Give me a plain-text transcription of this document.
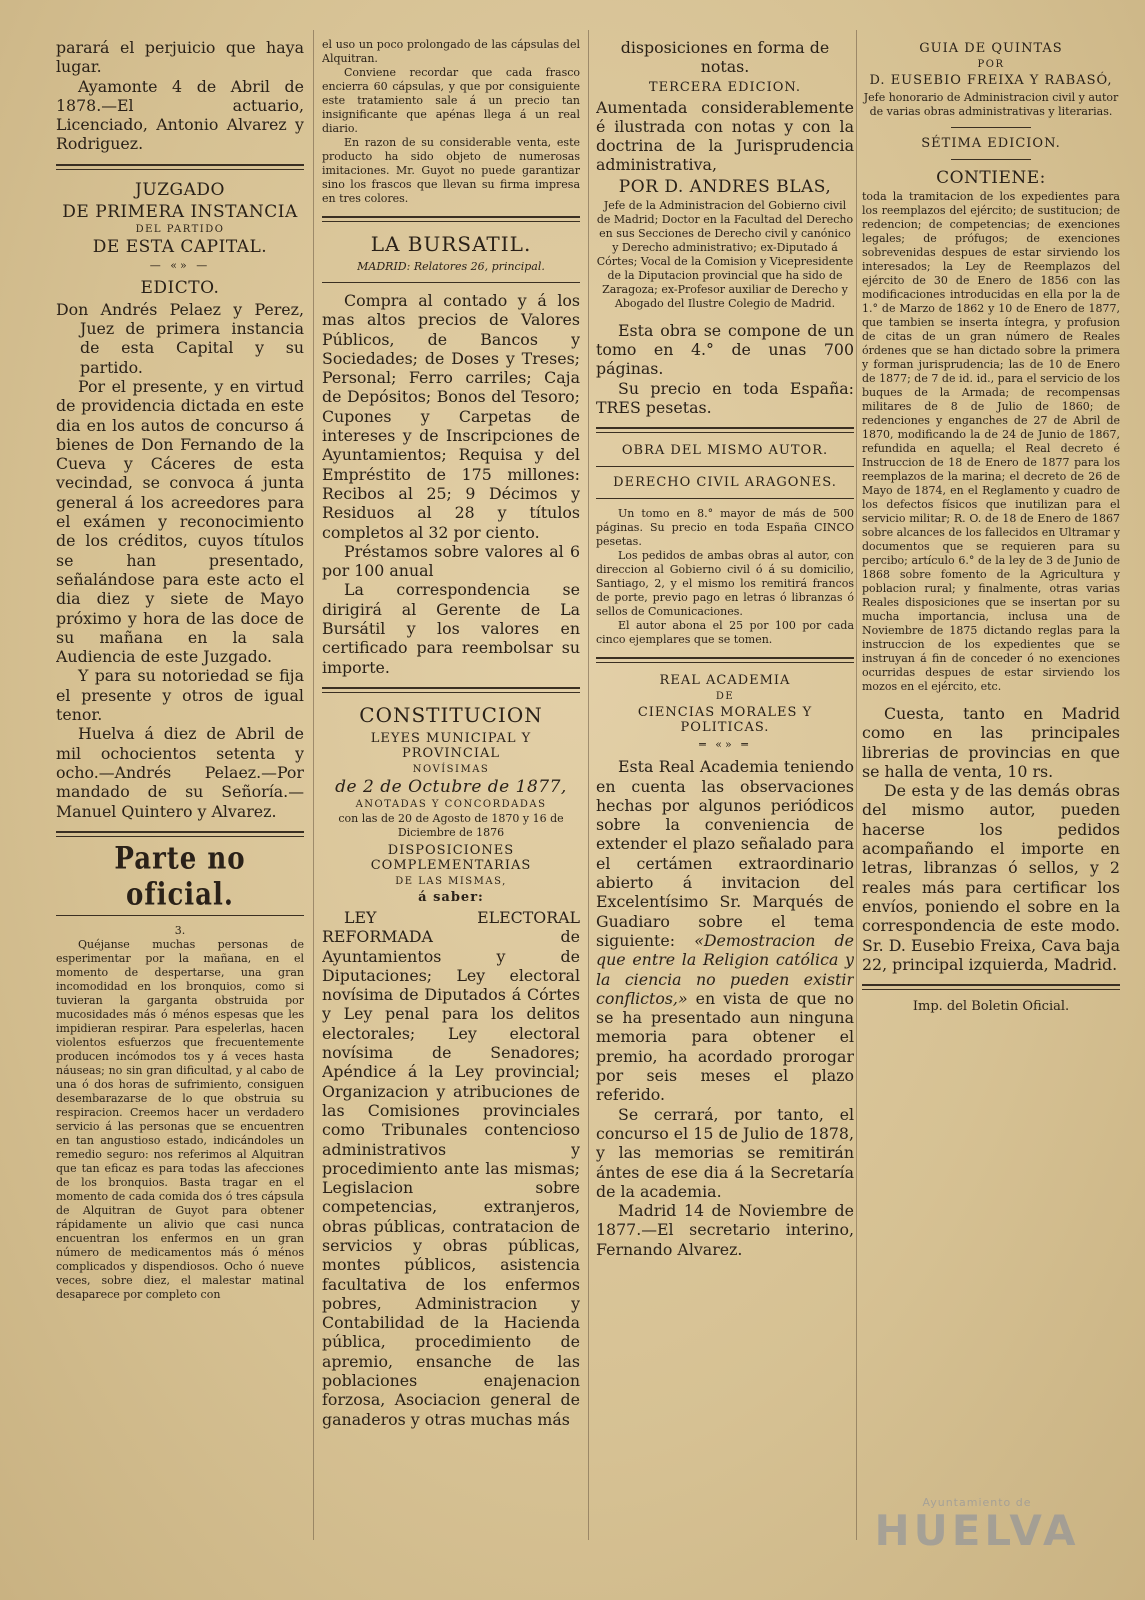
parará el perjuicio que haya lugar.

Ayamonte 4 de Abril de 1878.—El actuario, Licenciado, Antonio Alvarez y Rodriguez.

JUZGADO
DE PRIMERA INSTANCIA
DEL PARTIDO
DE ESTA CAPITAL.
— «» —
EDICTO.

Don Andrés Pelaez y Perez, Juez de primera instancia de esta Capital y su partido.

Por el presente, y en virtud de providencia dictada en este dia en los autos de concurso á bienes de Don Fernando de la Cueva y Cáceres de esta vecindad, se convoca á junta general á los acreedores para el exámen y reconocimiento de los créditos, cuyos títulos se han presentado, señalándose para este acto el dia diez y siete de Mayo próximo y hora de las doce de su mañana en la sala Audiencia de este Juzgado.

Y para su notoriedad se fija el presente y otros de igual tenor.

Huelva á diez de Abril de mil ochocientos setenta y ocho.—Andrés Pelaez.—Por mandado de su Señoría.—Manuel Quintero y Alvarez.

Parte no oficial.
3.

Quéjanse muchas personas de esperimentar por la mañana, en el momento de despertarse, una gran incomodidad en los bronquios, como si tuvieran la garganta obstruida por mucosidades más ó ménos espesas que les impidieran respirar. Para espelerlas, hacen violentos esfuerzos que frecuentemente producen incómodos tos y á veces hasta náuseas; no sin gran dificultad, y al cabo de una ó dos horas de sufrimiento, consiguen desembarazarse de lo que obstruia su respiracion. Creemos hacer un verdadero servicio á las personas que se encuentren en tan angustioso estado, indicándoles un remedio seguro: nos referimos al Alquitran que tan eficaz es para todas las afecciones de los bronquios. Basta tragar en el momento de cada comida dos ó tres cápsula de Alquitran de Guyot para obtener rápidamente un alivio que casi nunca encuentran los enfermos en un gran número de medicamentos más ó ménos complicados y dispendiosos. Ocho ó nueve veces, sobre diez, el malestar matinal desaparece por completo con

el uso un poco prolongado de las cápsulas del Alquitran.

Conviene recordar que cada frasco encierra 60 cápsulas, y que por consiguiente este tratamiento sale á un precio tan insignificante que apénas llega á un real diario.

En razon de su considerable venta, este producto ha sido objeto de numerosas imitaciones. Mr. Guyot no puede garantizar sino los frascos que llevan su firma impresa en tres colores.

LA BURSATIL.
MADRID: Relatores 26, principal.

Compra al contado y á los mas altos precios de Valores Públicos, de Bancos y Sociedades; de Doses y Treses; Personal; Ferro carriles; Caja de Depósitos; Bonos del Tesoro; Cupones y Carpetas de intereses y de Inscripciones de Ayuntamientos; Requisa y del Empréstito de 175 millones: Recibos al 25; 9 Décimos y Residuos al 28 y títulos completos al 32 por ciento.

Préstamos sobre valores al 6 por 100 anual

La correspondencia se dirigirá al Gerente de La Bursátil y los valores en certificado para reembolsar su importe.

CONSTITUCION
LEYES MUNICIPAL Y PROVINCIAL
NOVÍSIMAS
de 2 de Octubre de 1877,
ANOTADAS Y CONCORDADAS
con las de 20 de Agosto de 1870 y 16 de Diciembre de 1876
DISPOSICIONES COMPLEMENTARIAS
DE LAS MISMAS,
á saber:

LEY ELECTORAL REFORMADA de Ayuntamientos y de Diputaciones; Ley electoral novísima de Diputados á Córtes y Ley penal para los delitos electorales; Ley electoral novísima de Senadores; Apéndice á la Ley provincial; Organizacion y atribuciones de las Comisiones provinciales como Tribunales contencioso administrativos y procedimiento ante las mismas; Legislacion sobre competencias, extranjeros, obras públicas, contratacion de servicios y obras públicas, montes públicos, asistencia facultativa de los enfermos pobres, Administracion y Contabilidad de la Hacienda pública, procedimiento de apremio, ensanche de las poblaciones enajenacion forzosa, Asociacion general de ganaderos y otras muchas más

disposiciones en forma de notas.

TERCERA EDICION.

Aumentada considerablemente é ilustrada con notas y con la doctrina de la Jurisprudencia administrativa,

POR D. ANDRES BLAS,

Jefe de la Administracion del Gobierno civil de Madrid; Doctor en la Facultad del Derecho en sus Secciones de Derecho civil y canónico y Derecho administrativo; ex-Diputado á Córtes; Vocal de la Comision y Vicepresidente de la Diputacion provincial que ha sido de Zaragoza; ex-Profesor auxiliar de Derecho y Abogado del Ilustre Colegio de Madrid.

Esta obra se compone de un tomo en 4.° de unas 700 páginas.

Su precio en toda España: TRES pesetas.

OBRA DEL MISMO AUTOR.
DERECHO CIVIL ARAGONES.

Un tomo en 8.° mayor de más de 500 páginas. Su precio en toda España CINCO pesetas.

Los pedidos de ambas obras al autor, con direccion al Gobierno civil ó á su domicilio, Santiago, 2, y el mismo los remitirá francos de porte, previo pago en letras ó libranzas ó sellos de Comunicaciones.

El autor abona el 25 por 100 por cada cinco ejemplares que se tomen.

REAL ACADEMIA
DE
CIENCIAS MORALES Y POLITICAS.
═ «» ═

Esta Real Academia teniendo en cuenta las observaciones hechas por algunos periódicos sobre la conveniencia de extender el plazo señalado para el certámen extraordinario abierto á invitacion del Excelentísimo Sr. Marqués de Guadiaro sobre el tema siguiente: «Demostracion de que entre la Religion católica y la ciencia no pueden existir conflictos,» en vista de que no se ha presentado aun ninguna memoria para obtener el premio, ha acordado prorogar por seis meses el plazo referido.

Se cerrará, por tanto, el concurso el 15 de Julio de 1878, y las memorias se remitirán ántes de ese dia á la Secretaría de la academia.

Madrid 14 de Noviembre de 1877.—El secretario interino, Fernando Alvarez.

GUIA DE QUINTAS
POR
D. EUSEBIO FREIXA Y RABASÓ,

Jefe honorario de Administracion civil y autor de varias obras administrativas y literarias.

SÉTIMA EDICION.
CONTIENE:

toda la tramitacion de los expedientes para los reemplazos del ejército; de sustitucion; de redencion; de competencias; de exenciones legales; de prófugos; de exenciones sobrevenidas despues de estar sirviendo los interesados; la Ley de Reemplazos del ejército de 30 de Enero de 1856 con las modificaciones introducidas en ella por la de 1.° de Marzo de 1862 y 10 de Enero de 1877, que tambien se inserta íntegra, y profusion de citas de un gran número de Reales órdenes que se han dictado sobre la primera y forman jurisprudencia; las de 10 de Enero de 1877; de 7 de id. id., para el servicio de los buques de la Armada; de recompensas militares de 8 de Julio de 1860; de redenciones y enganches de 27 de Abril de 1870, modificando la de 24 de Junio de 1867, refundida en aquella; el Real decreto é Instruccion de 18 de Enero de 1877 para los reemplazos de la marina; el decreto de 26 de Mayo de 1874, en el Reglamento y cuadro de los defectos físicos que inutilizan para el servicio militar; R. O. de 18 de Enero de 1867 sobre alcances de los fallecidos en Ultramar y documentos que se requieren para su percibo; artículo 6.° de la ley de 3 de Junio de 1868 sobre fomento de la Agricultura y poblacion rural; y finalmente, otras varias Reales disposiciones que se insertan por su mucha importancia, inclusa una de Noviembre de 1875 dictando reglas para la instruccion de los expedientes que se instruyan á fin de conceder ó no exenciones ocurridas despues de estar sirviendo los mozos en el ejército, etc.

Cuesta, tanto en Madrid como en las principales librerias de provincias en que se halla de venta, 10 rs.

De esta y de las demás obras del mismo autor, pueden hacerse los pedidos acompañando el importe en letras, libranzas ó sellos, y 2 reales más para certificar los envíos, poniendo el sobre en la correspondencia de este modo. Sr. D. Eusebio Freixa, Cava baja 22, principal izquierda, Madrid.

Imp. del Boletin Oficial.
Ayuntamiento de
HUELVA
